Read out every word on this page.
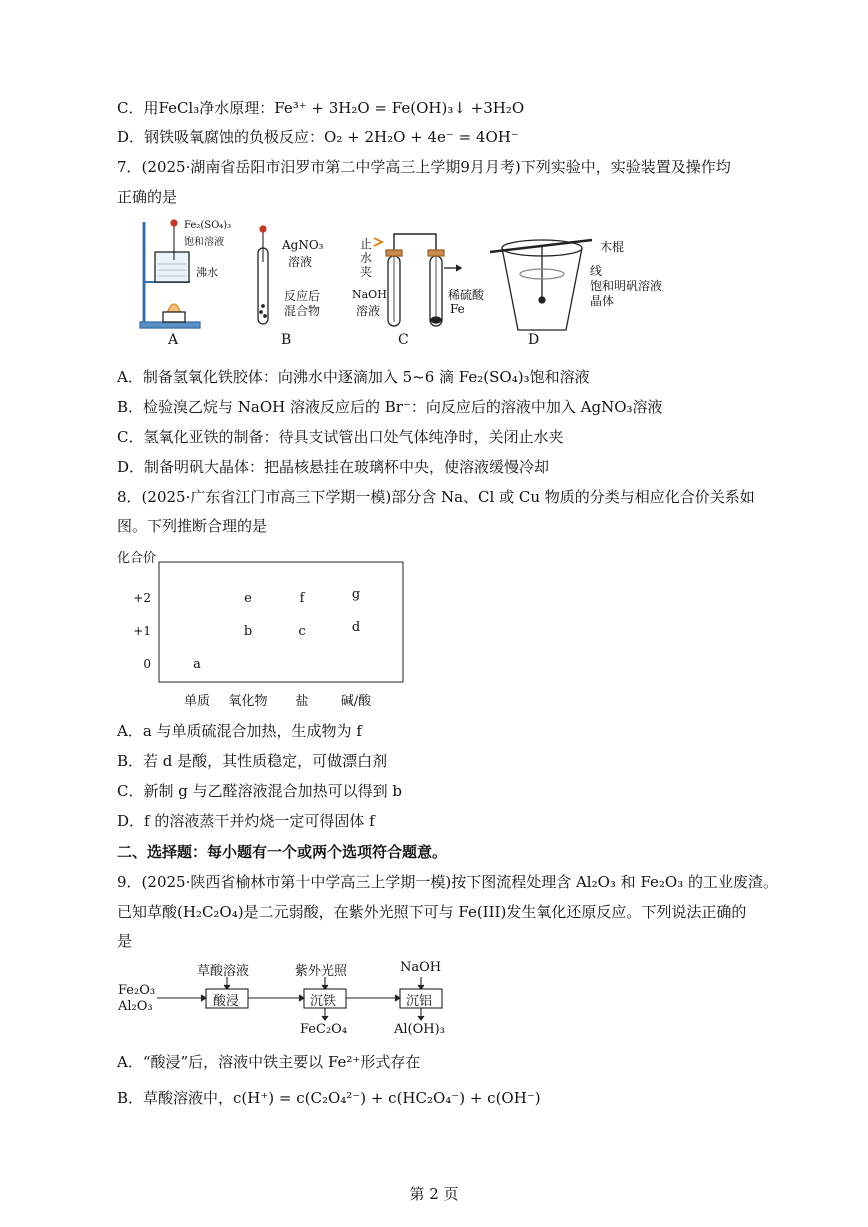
C．用FeCl₃净水原理：Fe³⁺ + 3H₂O = Fe(OH)₃↓ +3H₂O
D．钢铁吸氧腐蚀的负极反应：O₂ + 2H₂O + 4e⁻ = 4OH⁻
7．(2025·湖南省岳阳市汨罗市第二中学高三上学期9月月考)下列实验中，实验装置及操作均
正确的是
Fe₂(SO₄)₃
饱和溶液
沸水
A
AgNO₃
溶液
反应后
混合物
B
止
水
夹
NaOH
溶液
稀硫酸
Fe
C
木棍
线
饱和明矾溶液
晶体
D
A．制备氢氧化铁胶体：向沸水中逐滴加入 5~6 滴 Fe₂(SO₄)₃饱和溶液
B．检验溴乙烷与 NaOH 溶液反应后的 Br⁻：向反应后的溶液中加入 AgNO₃溶液
C．氢氧化亚铁的制备：待具支试管出口处气体纯净时，关闭止水夹
D．制备明矾大晶体：把晶核悬挂在玻璃杯中央，使溶液缓慢冷却
8．(2025·广东省江门市高三下学期一模)部分含 Na、Cl 或 Cu 物质的分类与相应化合价关系如
图。下列推断合理的是
化合价
+2
+1
0
单质 氧化物 盐 碱/酸
a
b	c	d
e	f	g
A．a 与单质硫混合加热，生成物为 f
B．若 d 是酸，其性质稳定，可做漂白剂
C．新制 g 与乙醛溶液混合加热可以得到 b
D．f 的溶液蒸干并灼烧一定可得固体 f
二、选择题：每小题有一个或两个选项符合题意。
9．(2025·陕西省榆林市第十中学高三上学期一模)按下图流程处理含 Al₂O₃ 和 Fe₂O₃ 的工业废渣。
已知草酸(H₂C₂O₄)是二元弱酸，在紫外光照下可与 Fe(III)发生氧化还原反应。下列说法正确的
是
Fe₂O₃
Al₂O₃
草酸溶液	紫外光照	NaOH
酸浸	沉铁	沉铝
FeC₂O₄	Al(OH)₃
A．“酸浸”后，溶液中铁主要以 Fe²⁺形式存在
B．草酸溶液中，c(H⁺) = c(C₂O₄²⁻) + c(HC₂O₄⁻) + c(OH⁻)
第 2 页
